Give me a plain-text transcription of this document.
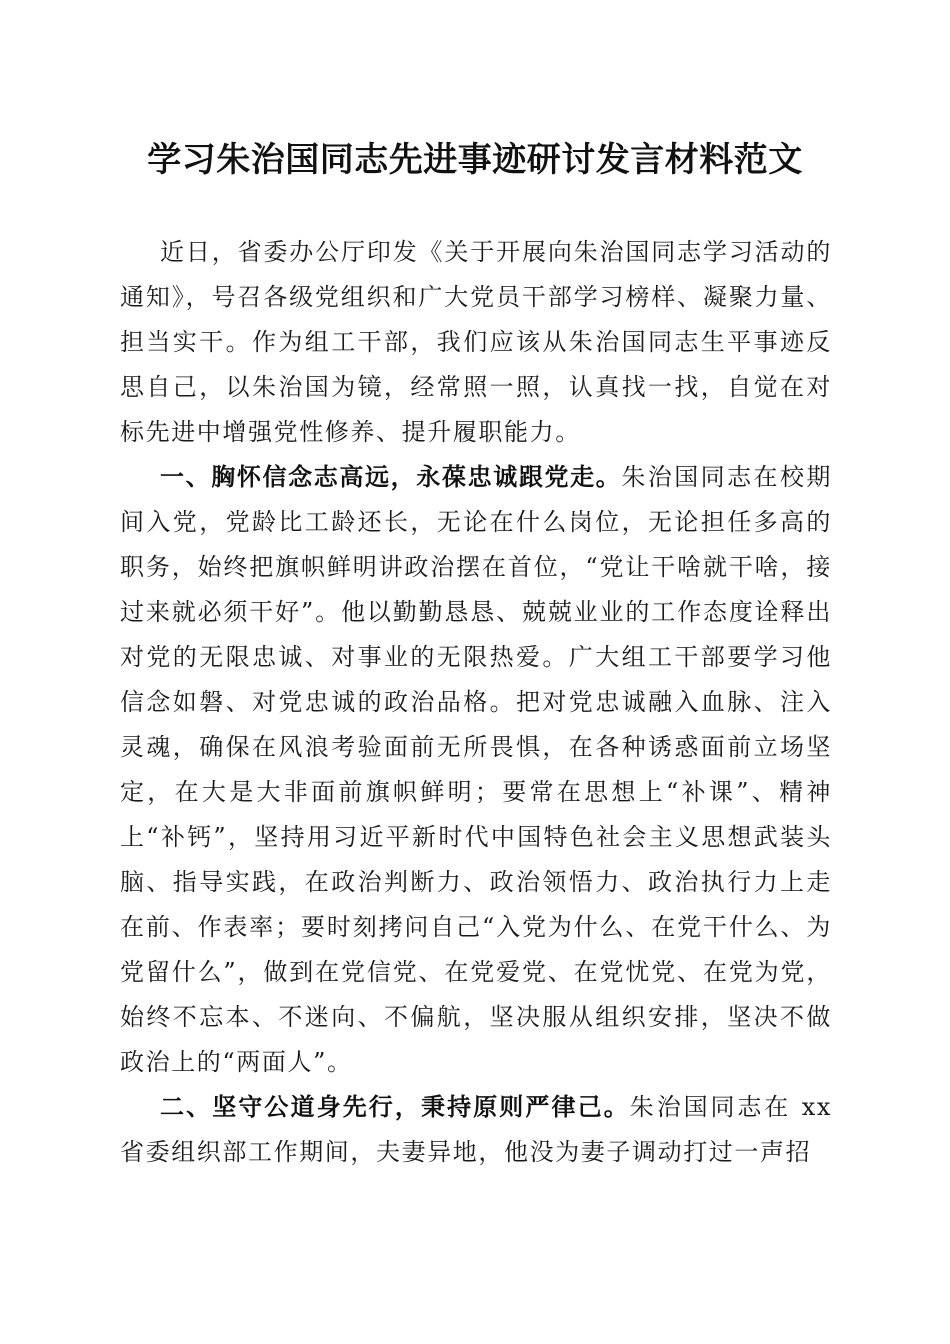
学习朱治国同志先进事迹研讨发言材料范文

近日，省委办公厅印发《关于开展向朱治国同志学习活动的通知》，号召各级党组织和广大党员干部学习榜样、凝聚力量、担当实干。作为组工干部，我们应该从朱治国同志生平事迹反思自己，以朱治国为镜，经常照一照，认真找一找，自觉在对标先进中增强党性修养、提升履职能力。

一、胸怀信念志高远，永葆忠诚跟党走。朱治国同志在校期间入党，党龄比工龄还长，无论在什么岗位，无论担任多高的职务，始终把旗帜鲜明讲政治摆在首位，“党让干啥就干啥，接过来就必须干好”。他以勤勤恳恳、兢兢业业的工作态度诠释出对党的无限忠诚、对事业的无限热爱。广大组工干部要学习他信念如磐、对党忠诚的政治品格。把对党忠诚融入血脉、注入灵魂，确保在风浪考验面前无所畏惧，在各种诱惑面前立场坚定，在大是大非面前旗帜鲜明；要常在思想上“补课”、精神上“补钙”，坚持用习近平新时代中国特色社会主义思想武装头脑、指导实践，在政治判断力、政治领悟力、政治执行力上走在前、作表率；要时刻拷问自己“入党为什么、在党干什么、为党留什么”，做到在党信党、在党爱党、在党忧党、在党为党，始终不忘本、不迷向、不偏航，坚决服从组织安排，坚决不做政治上的“两面人”。

二、坚守公道身先行，秉持原则严律己。朱治国同志在 xx 省委组织部工作期间，夫妻异地，他没为妻子调动打过一声招
